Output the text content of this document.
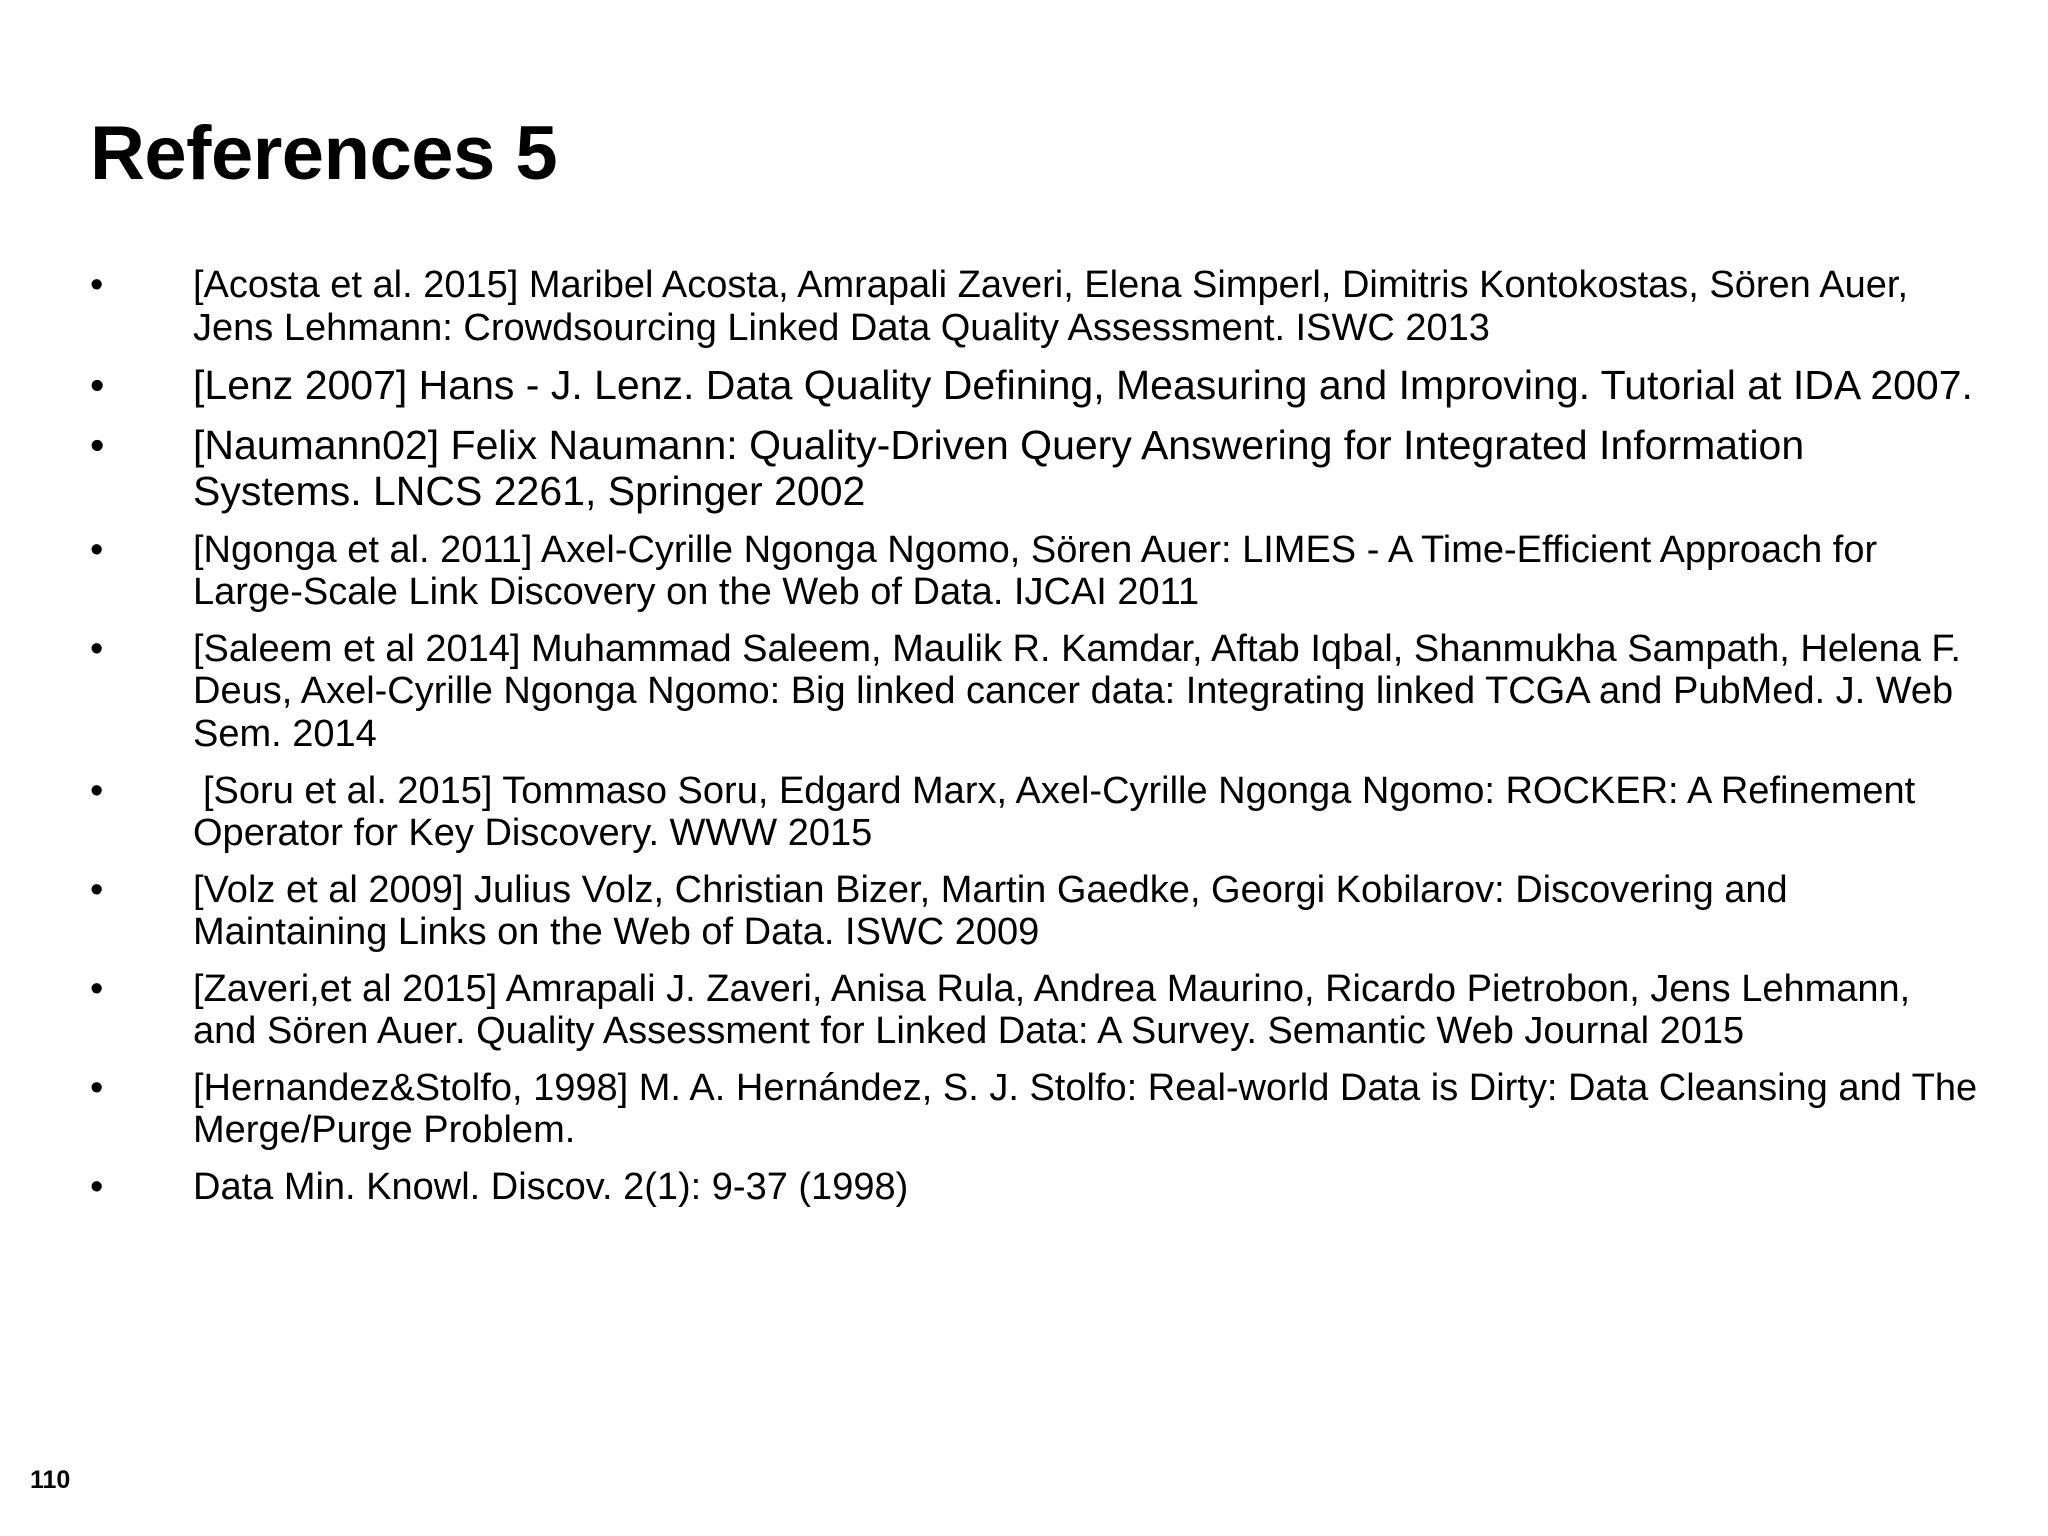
References 5
•	[Acosta et al. 2015] Maribel Acosta, Amrapali Zaveri, Elena Simperl, Dimitris Kontokostas, Sören Auer, Jens Lehmann: Crowdsourcing Linked Data Quality Assessment. ISWC 2013
•	[Lenz 2007] Hans - J. Lenz. Data Quality Defining, Measuring and Improving. Tutorial at IDA 2007.
•	[Naumann02] Felix Naumann: Quality-Driven Query Answering for Integrated Information Systems. LNCS 2261, Springer 2002
•	[Ngonga et al. 2011] Axel-Cyrille Ngonga Ngomo, Sören Auer: LIMES - A Time-Efficient Approach for Large-Scale Link Discovery on the Web of Data. IJCAI 2011
•	[Saleem et al 2014] Muhammad Saleem, Maulik R. Kamdar, Aftab Iqbal, Shanmukha Sampath, Helena F. Deus, Axel-Cyrille Ngonga Ngomo: Big linked cancer data: Integrating linked TCGA and PubMed. J. Web Sem. 2014
•	[Soru et al. 2015] Tommaso Soru, Edgard Marx, Axel-Cyrille Ngonga Ngomo: ROCKER: A Refinement Operator for Key Discovery. WWW 2015
•	[Volz et al 2009] Julius Volz, Christian Bizer, Martin Gaedke, Georgi Kobilarov: Discovering and Maintaining Links on the Web of Data. ISWC 2009
•	[Zaveri,et al 2015] Amrapali J. Zaveri, Anisa Rula, Andrea Maurino, Ricardo Pietrobon, Jens Lehmann, and Sören Auer. Quality Assessment for Linked Data: A Survey. Semantic Web Journal 2015
•	[Hernandez&Stolfo, 1998] M. A. Hernández, S. J. Stolfo: Real-world Data is Dirty: Data Cleansing and The Merge/Purge Problem.
•	Data Min. Knowl. Discov. 2(1): 9-37 (1998)
110
